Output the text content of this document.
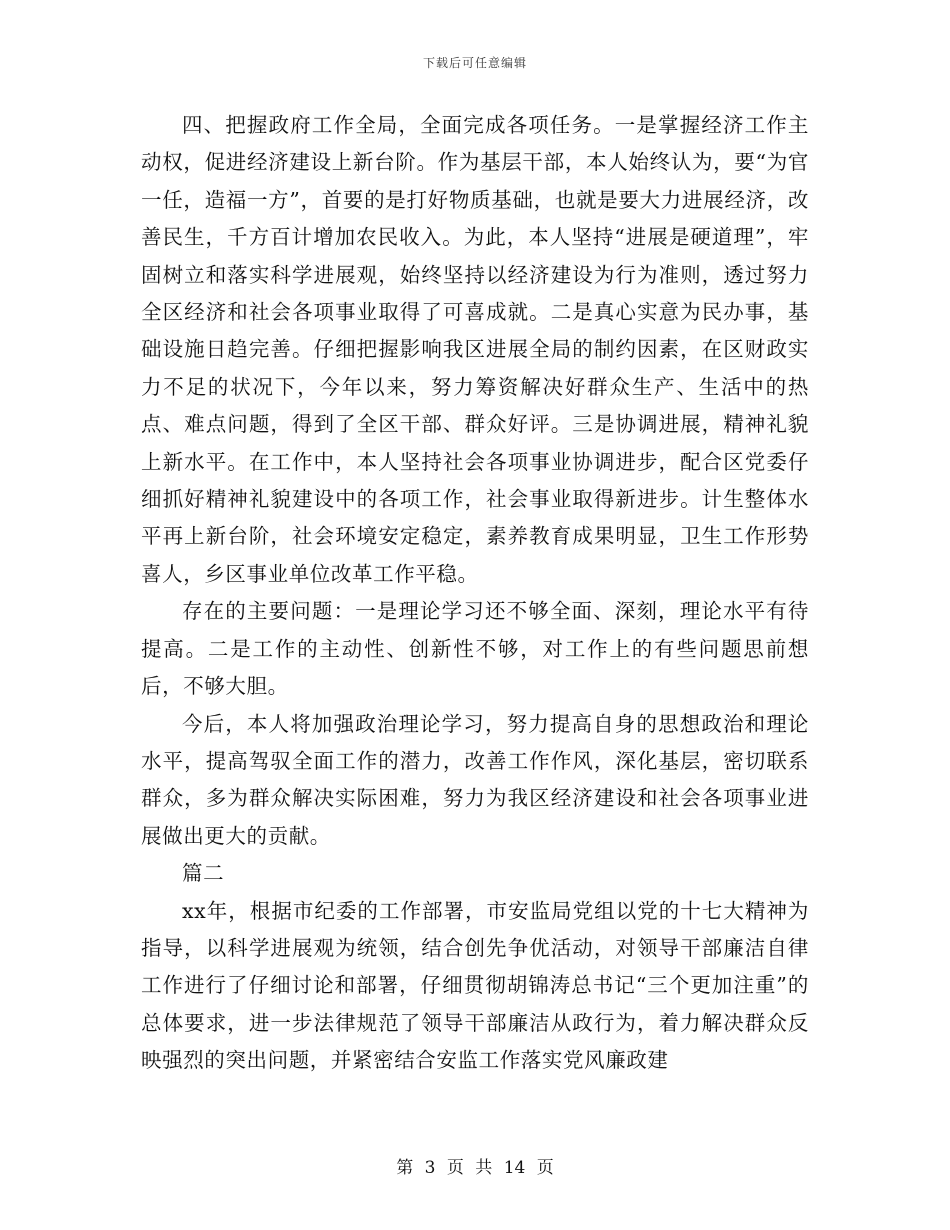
下载后可任意编辑

四、把握政府工作全局，全面完成各项任务。一是掌握经济工作主动权，促进经济建设上新台阶。作为基层干部，本人始终认为，要“为官一任，造福一方”，首要的是打好物质基础，也就是要大力进展经济，改善民生，千方百计增加农民收入。为此，本人坚持“进展是硬道理”，牢固树立和落实科学进展观，始终坚持以经济建设为行为准则，透过努力全区经济和社会各项事业取得了可喜成就。二是真心实意为民办事，基础设施日趋完善。仔细把握影响我区进展全局的制约因素，在区财政实力不足的状况下，今年以来，努力筹资解决好群众生产、生活中的热点、难点问题，得到了全区干部、群众好评。三是协调进展，精神礼貌上新水平。在工作中，本人坚持社会各项事业协调进步，配合区党委仔细抓好精神礼貌建设中的各项工作，社会事业取得新进步。计生整体水平再上新台阶，社会环境安定稳定，素养教育成果明显，卫生工作形势喜人，乡区事业单位改革工作平稳。

存在的主要问题：一是理论学习还不够全面、深刻，理论水平有待提高。二是工作的主动性、创新性不够，对工作上的有些问题思前想后，不够大胆。

今后，本人将加强政治理论学习，努力提高自身的思想政治和理论水平，提高驾驭全面工作的潜力，改善工作作风，深化基层，密切联系群众，多为群众解决实际困难，努力为我区经济建设和社会各项事业进展做出更大的贡献。

篇二

xx年，根据市纪委的工作部署，市安监局党组以党的十七大精神为指导，以科学进展观为统领，结合创先争优活动，对领导干部廉洁自律工作进行了仔细讨论和部署，仔细贯彻胡锦涛总书记“三个更加注重”的总体要求，进一步法律规范了领导干部廉洁从政行为，着力解决群众反映强烈的突出问题，并紧密结合安监工作落实党风廉政建

第 3 页 共 14 页
